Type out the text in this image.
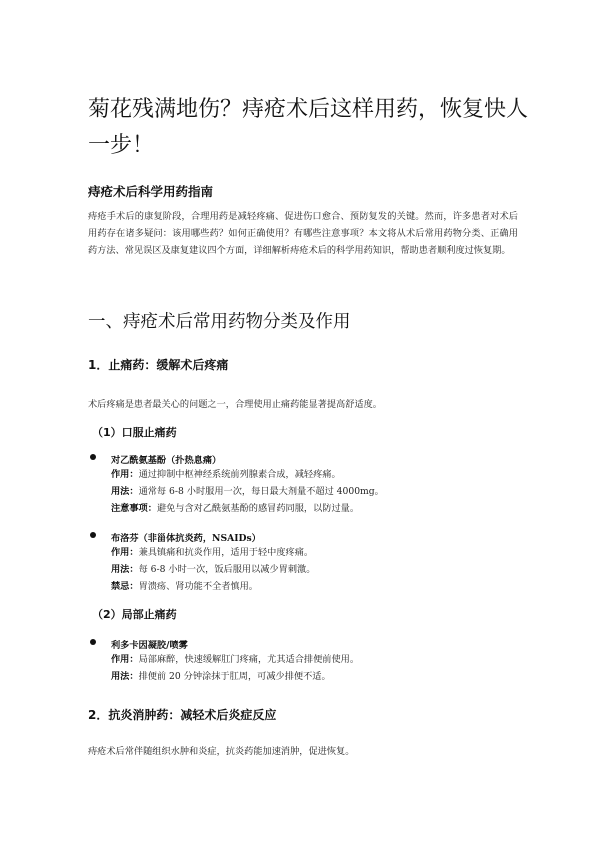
菊花残满地伤？痔疮术后这样用药，恢复快人一步！

痔疮术后科学用药指南

痔疮手术后的康复阶段，合理用药是减轻疼痛、促进伤口愈合、预防复发的关键。然而，许多患者对术后用药存在诸多疑问：该用哪些药？如何正确使用？有哪些注意事项？本文将从术后常用药物分类、正确用药方法、常见误区及康复建议四个方面，详细解析痔疮术后的科学用药知识，帮助患者顺利度过恢复期。

一、痔疮术后常用药物分类及作用
1．止痛药：缓解术后疼痛

术后疼痛是患者最关心的问题之一，合理使用止痛药能显著提高舒适度。

（1）口服止痛药
对乙酰氨基酚（扑热息痛）
作用：通过抑制中枢神经系统前列腺素合成，减轻疼痛。
用法：通常每 6-8 小时服用一次，每日最大剂量不超过 4000mg。
注意事项：避免与含对乙酰氨基酚的感冒药同服，以防过量。
布洛芬（非甾体抗炎药，NSAIDs）
作用：兼具镇痛和抗炎作用，适用于轻中度疼痛。
用法：每 6-8 小时一次，饭后服用以减少胃刺激。
禁忌：胃溃疡、肾功能不全者慎用。
（2）局部止痛药
利多卡因凝胶/喷雾
作用：局部麻醉，快速缓解肛门疼痛，尤其适合排便前使用。
用法：排便前 20 分钟涂抹于肛周，可减少排便不适。
2．抗炎消肿药：减轻术后炎症反应

痔疮术后常伴随组织水肿和炎症，抗炎药能加速消肿，促进恢复。
